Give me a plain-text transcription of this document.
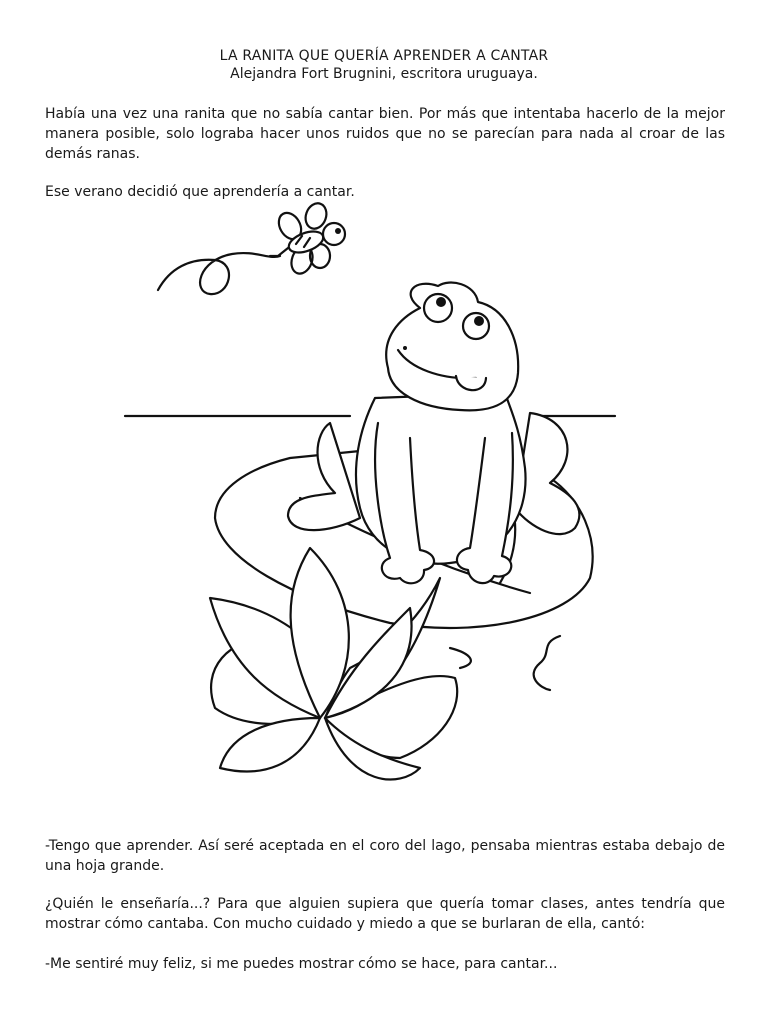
LA RANITA QUE QUERÍA APRENDER A CANTAR
Alejandra Fort Brugnini, escritora uruguaya.

Había una vez una ranita que no sabía cantar bien. Por más que intentaba hacerlo de la mejor manera posible, solo lograba hacer unos ruidos que no se parecían para nada al croar de las demás ranas.

Ese verano decidió que aprendería a cantar.

-Tengo que aprender. Así seré aceptada en el coro del lago, pensaba mientras estaba debajo de una hoja grande.

¿Quién le enseñaría...? Para que alguien supiera que quería tomar clases, antes tendría que mostrar cómo cantaba. Con mucho cuidado y miedo a que se burlaran de ella, cantó:

-Me sentiré muy feliz, si me puedes mostrar cómo se hace, para cantar...
